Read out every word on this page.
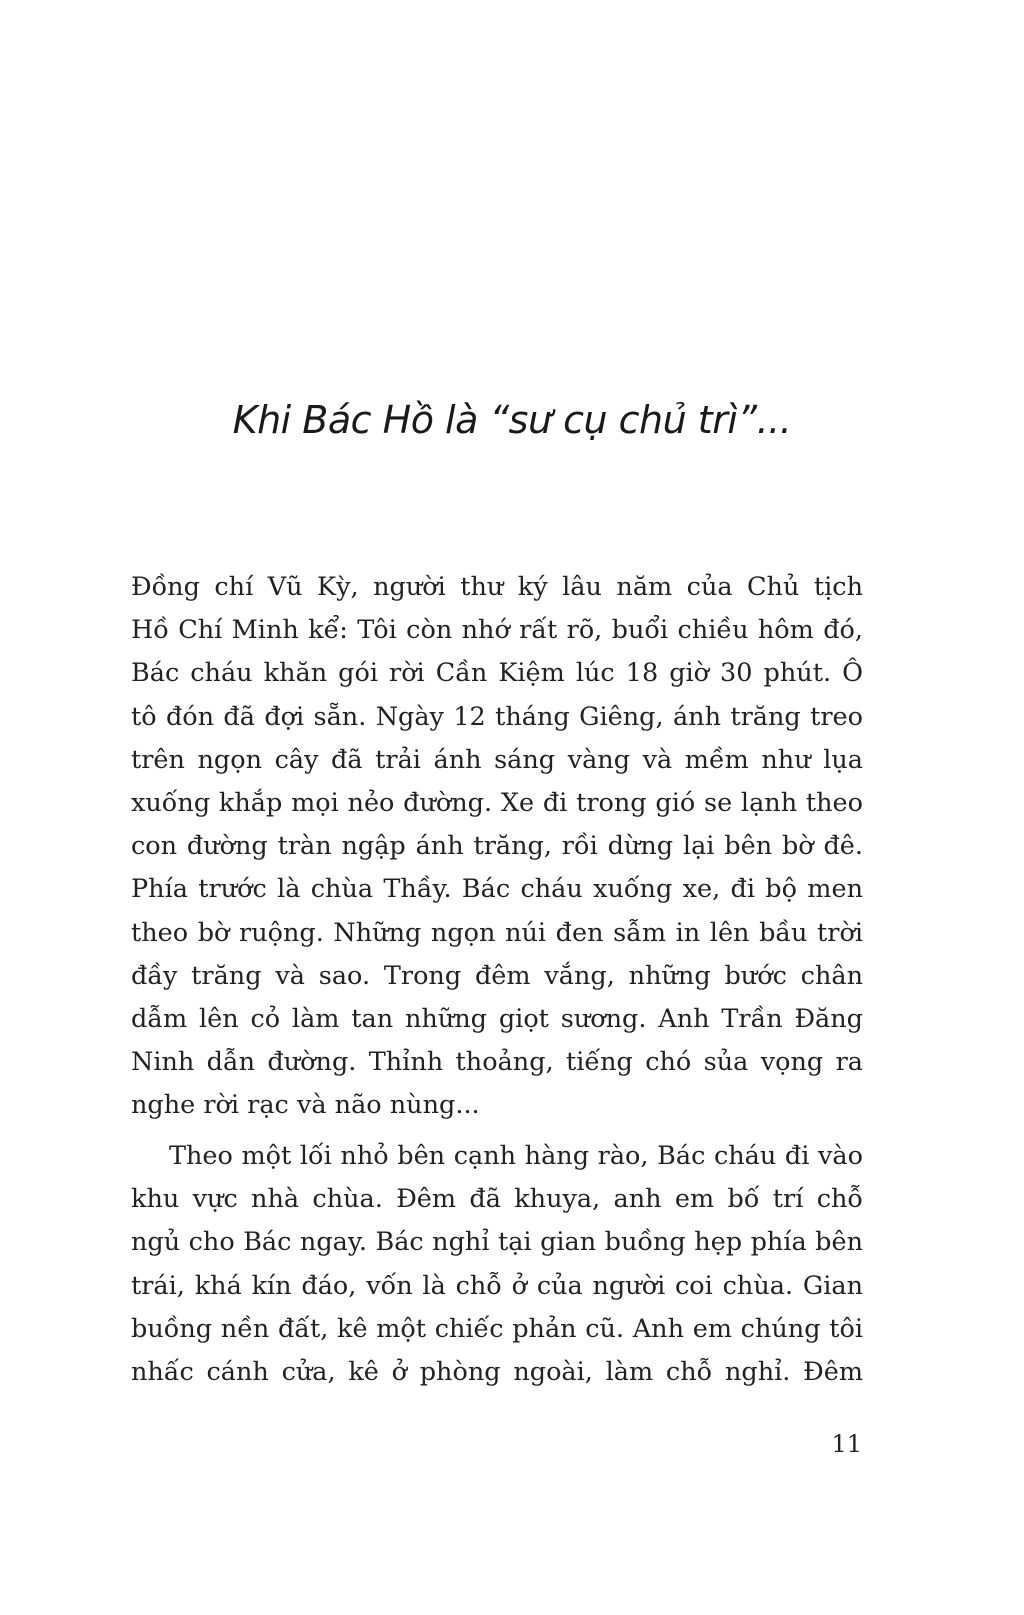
Khi Bác Hồ là “sư cụ chủ trì”...
Đồng chí Vũ Kỳ, người thư ký lâu năm của Chủ tịch
Hồ Chí Minh kể: Tôi còn nhớ rất rõ, buổi chiều hôm đó,
Bác cháu khăn gói rời Cần Kiệm lúc 18 giờ 30 phút. Ô
tô đón đã đợi sẵn. Ngày 12 tháng Giêng, ánh trăng treo
trên ngọn cây đã trải ánh sáng vàng và mềm như lụa
xuống khắp mọi nẻo đường. Xe đi trong gió se lạnh theo
con đường tràn ngập ánh trăng, rồi dừng lại bên bờ đê.
Phía trước là chùa Thầy. Bác cháu xuống xe, đi bộ men
theo bờ ruộng. Những ngọn núi đen sẫm in lên bầu trời
đầy trăng và sao. Trong đêm vắng, những bước chân
dẫm lên cỏ làm tan những giọt sương. Anh Trần Đăng
Ninh dẫn đường. Thỉnh thoảng, tiếng chó sủa vọng ra
nghe rời rạc và não nùng...
Theo một lối nhỏ bên cạnh hàng rào, Bác cháu đi vào
khu vực nhà chùa. Đêm đã khuya, anh em bố trí chỗ
ngủ cho Bác ngay. Bác nghỉ tại gian buồng hẹp phía bên
trái, khá kín đáo, vốn là chỗ ở của người coi chùa. Gian
buồng nền đất, kê một chiếc phản cũ. Anh em chúng tôi
nhấc cánh cửa, kê ở phòng ngoài, làm chỗ nghỉ. Đêm
11
